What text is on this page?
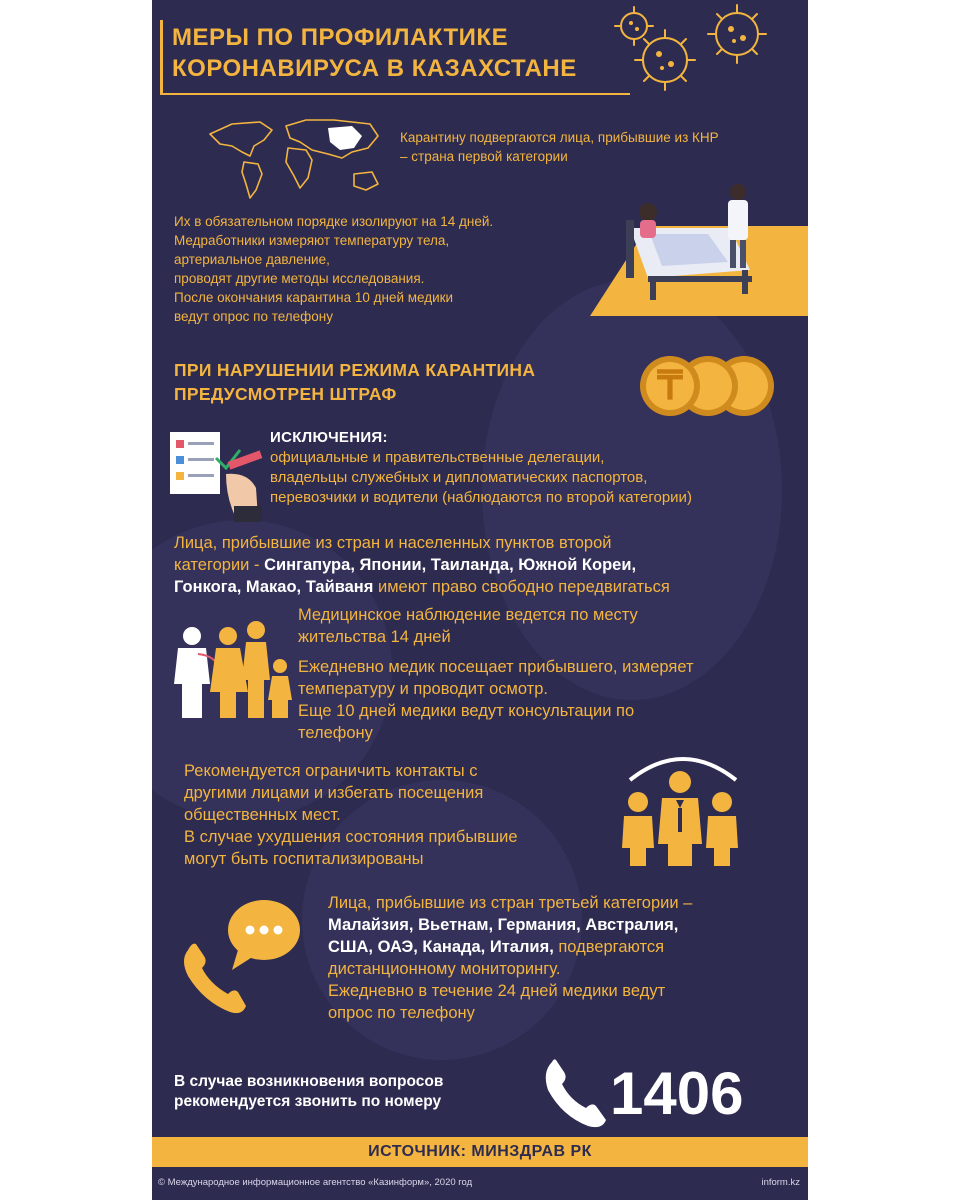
МЕРЫ ПО ПРОФИЛАКТИКЕ
КОРОНАВИРУСА В КАЗАХСТАНЕ
Карантину подвергаются лица, прибывшие из КНР
– страна первой категории
Их в обязательном порядке изолируют на 14 дней.
Медработники измеряют температуру тела,
артериальное давление,
проводят другие методы исследования.
После окончания карантина 10 дней медики
ведут опрос по телефону
ПРИ НАРУШЕНИИ РЕЖИМА КАРАНТИНА
ПРЕДУСМОТРЕН ШТРАФ	₸
ИСКЛЮЧЕНИЯ:
официальные и правительственные делегации,
владельцы служебных и дипломатических паспортов,
перевозчики и водители (наблюдаются по второй категории)
Лица, прибывшие из стран и населенных пунктов второй
категории - Сингапура, Японии, Таиланда, Южной Кореи,
Гонкога, Макао, Тайваня имеют право свободно передвигаться
Медицинское наблюдение ведется по месту
жительства 14 дней
Ежедневно медик посещает прибывшего, измеряет
температуру и проводит осмотр.
Еще 10 дней медики ведут консультации по
телефону
Рекомендуется ограничить контакты с
другими лицами и избегать посещения
общественных мест.
В случае ухудшения состояния прибывшие
могут быть госпитализированы
Лица, прибывшие из стран третьей категории –
Малайзия, Вьетнам, Германия, Австралия,
США, ОАЭ, Канада, Италия, подвергаются
дистанционному мониторингу.
Ежедневно в течение 24 дней медики ведут
опрос по телефону
В случае возникновения вопросов
рекомендуется звонить по номеру	1406
ИСТОЧНИК: МИНЗДРАВ РК
© Международное информационное агентство «Казинформ», 2020 год	inform.kz
